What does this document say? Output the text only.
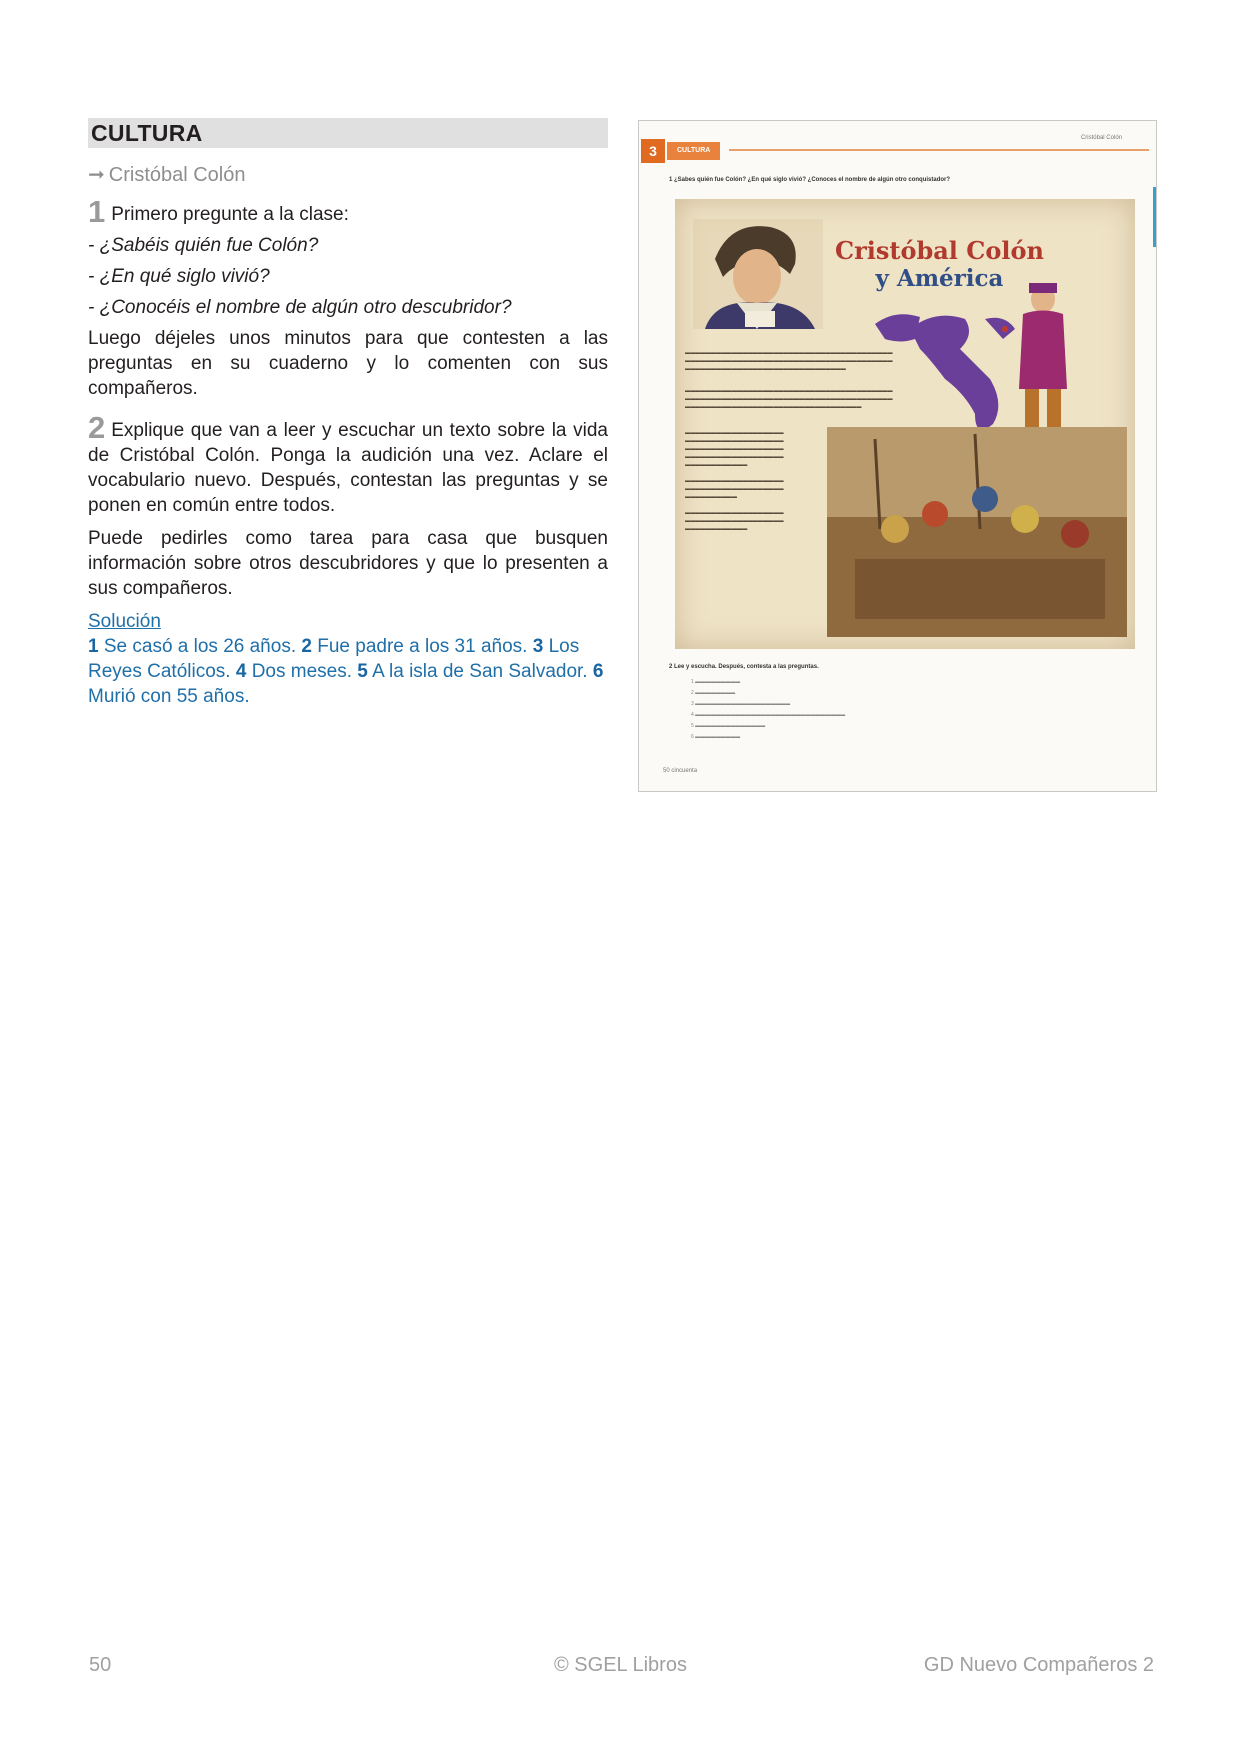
CULTURA
➞ Cristóbal Colón

1 Primero pregunte a la clase:

- ¿Sabéis quién fue Colón?

- ¿En qué siglo vivió?

- ¿Conocéis el nombre de algún otro descubridor?

Luego déjeles unos minutos para que contesten a las preguntas en su cuaderno y lo comenten con sus compañeros.

2 Explique que van a leer y escuchar un texto sobre la vida de Cristóbal Colón. Ponga la audición una vez. Aclare el vocabulario nuevo. Después, contestan las preguntas y se ponen en común entre todos.

Puede pedirles como tarea para casa que busquen información sobre otros descubridores y que lo presenten a sus compañeros.

Solución
1 Se casó a los 26 años. 2 Fue padre a los 31 años. 3 Los Reyes Católicos. 4 Dos meses. 5 A la isla de San Salvador. 6 Murió con 55 años.
3	CULTURA
Cristóbal Colón
1 ¿Sabes quién fue Colón? ¿En qué siglo vivió? ¿Conoces el nombre de algún otro conquistador?
Cristóbal Colón
y América
▬▬▬▬▬▬▬▬▬▬▬▬▬▬▬▬▬▬▬▬▬▬▬▬▬▬▬▬▬▬▬▬▬▬▬▬▬▬▬▬
▬▬▬▬▬▬▬▬▬▬▬▬▬▬▬▬▬▬▬▬▬▬▬▬▬▬▬▬▬▬▬▬▬▬▬▬▬▬▬▬
▬▬▬▬▬▬▬▬▬▬▬▬▬▬▬▬▬▬▬▬▬▬▬▬▬▬▬▬▬▬▬
▬▬▬▬▬▬▬▬▬▬▬▬▬▬▬▬▬▬▬▬▬▬▬▬▬▬▬▬▬▬▬▬▬▬▬▬▬▬▬▬
▬▬▬▬▬▬▬▬▬▬▬▬▬▬▬▬▬▬▬▬▬▬▬▬▬▬▬▬▬▬▬▬▬▬▬▬▬▬▬▬
▬▬▬▬▬▬▬▬▬▬▬▬▬▬▬▬▬▬▬▬▬▬▬▬▬▬▬▬▬▬▬▬▬▬
▬▬▬▬▬▬▬▬▬▬▬▬▬▬▬▬▬▬▬
▬▬▬▬▬▬▬▬▬▬▬▬▬▬▬▬▬▬▬
▬▬▬▬▬▬▬▬▬▬▬▬▬▬▬▬▬▬▬
▬▬▬▬▬▬▬▬▬▬▬▬▬▬▬▬▬▬▬
▬▬▬▬▬▬▬▬▬▬▬▬

▬▬▬▬▬▬▬▬▬▬▬▬▬▬▬▬▬▬▬
▬▬▬▬▬▬▬▬▬▬▬▬▬▬▬▬▬▬▬
▬▬▬▬▬▬▬▬▬▬

▬▬▬▬▬▬▬▬▬▬▬▬▬▬▬▬▬▬▬
▬▬▬▬▬▬▬▬▬▬▬▬▬▬▬▬▬▬▬
▬▬▬▬▬▬▬▬▬▬▬▬
2 Lee y escucha. Después, contesta a las preguntas.
1 ▬▬▬▬▬▬▬▬▬
2 ▬▬▬▬▬▬▬▬
3 ▬▬▬▬▬▬▬▬▬▬▬▬▬▬▬▬▬▬▬
4 ▬▬▬▬▬▬▬▬▬▬▬▬▬▬▬▬▬▬▬▬▬▬▬▬▬▬▬▬▬▬
5 ▬▬▬▬▬▬▬▬▬▬▬▬▬▬
6 ▬▬▬▬▬▬▬▬▬
50 cincuenta
50	© SGEL Libros	GD Nuevo Compañeros 2
